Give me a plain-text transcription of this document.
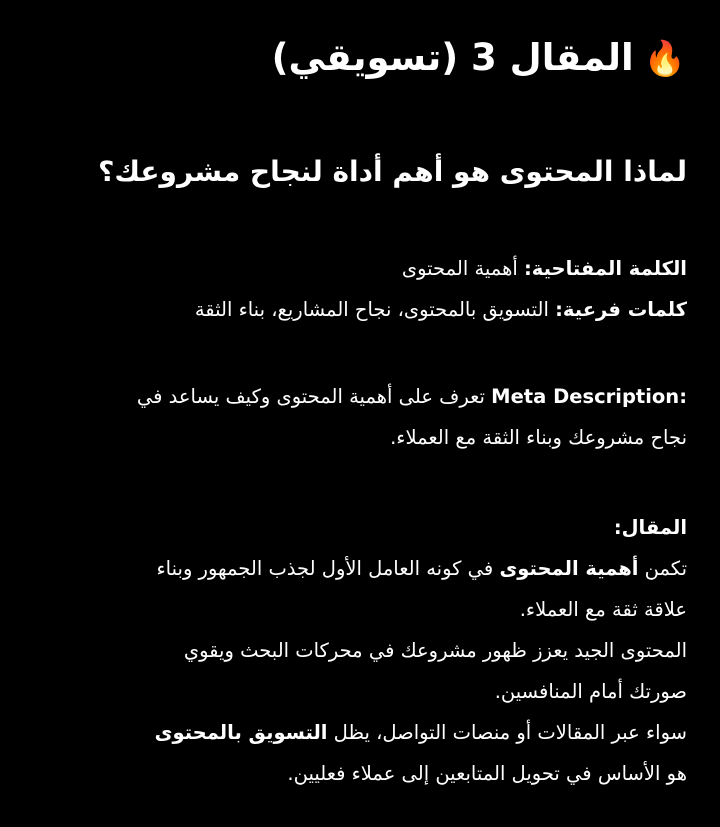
🔥المقال 3 (تسويقي)
لماذا المحتوى هو أهم أداة لنجاح مشروعك؟
الكلمة المفتاحية: أهمية المحتوى
كلمات فرعية: التسويق بالمحتوى، نجاح المشاريع، بناء الثقة
Meta Description: تعرف على أهمية المحتوى وكيف يساعد في
نجاح مشروعك وبناء الثقة مع العملاء.
المقال:
تكمن أهمية المحتوى في كونه العامل الأول لجذب الجمهور وبناء
علاقة ثقة مع العملاء.
المحتوى الجيد يعزز ظهور مشروعك في محركات البحث ويقوي
صورتك أمام المنافسين.
سواء عبر المقالات أو منصات التواصل، يظل التسويق بالمحتوى
هو الأساس في تحويل المتابعين إلى عملاء فعليين.
